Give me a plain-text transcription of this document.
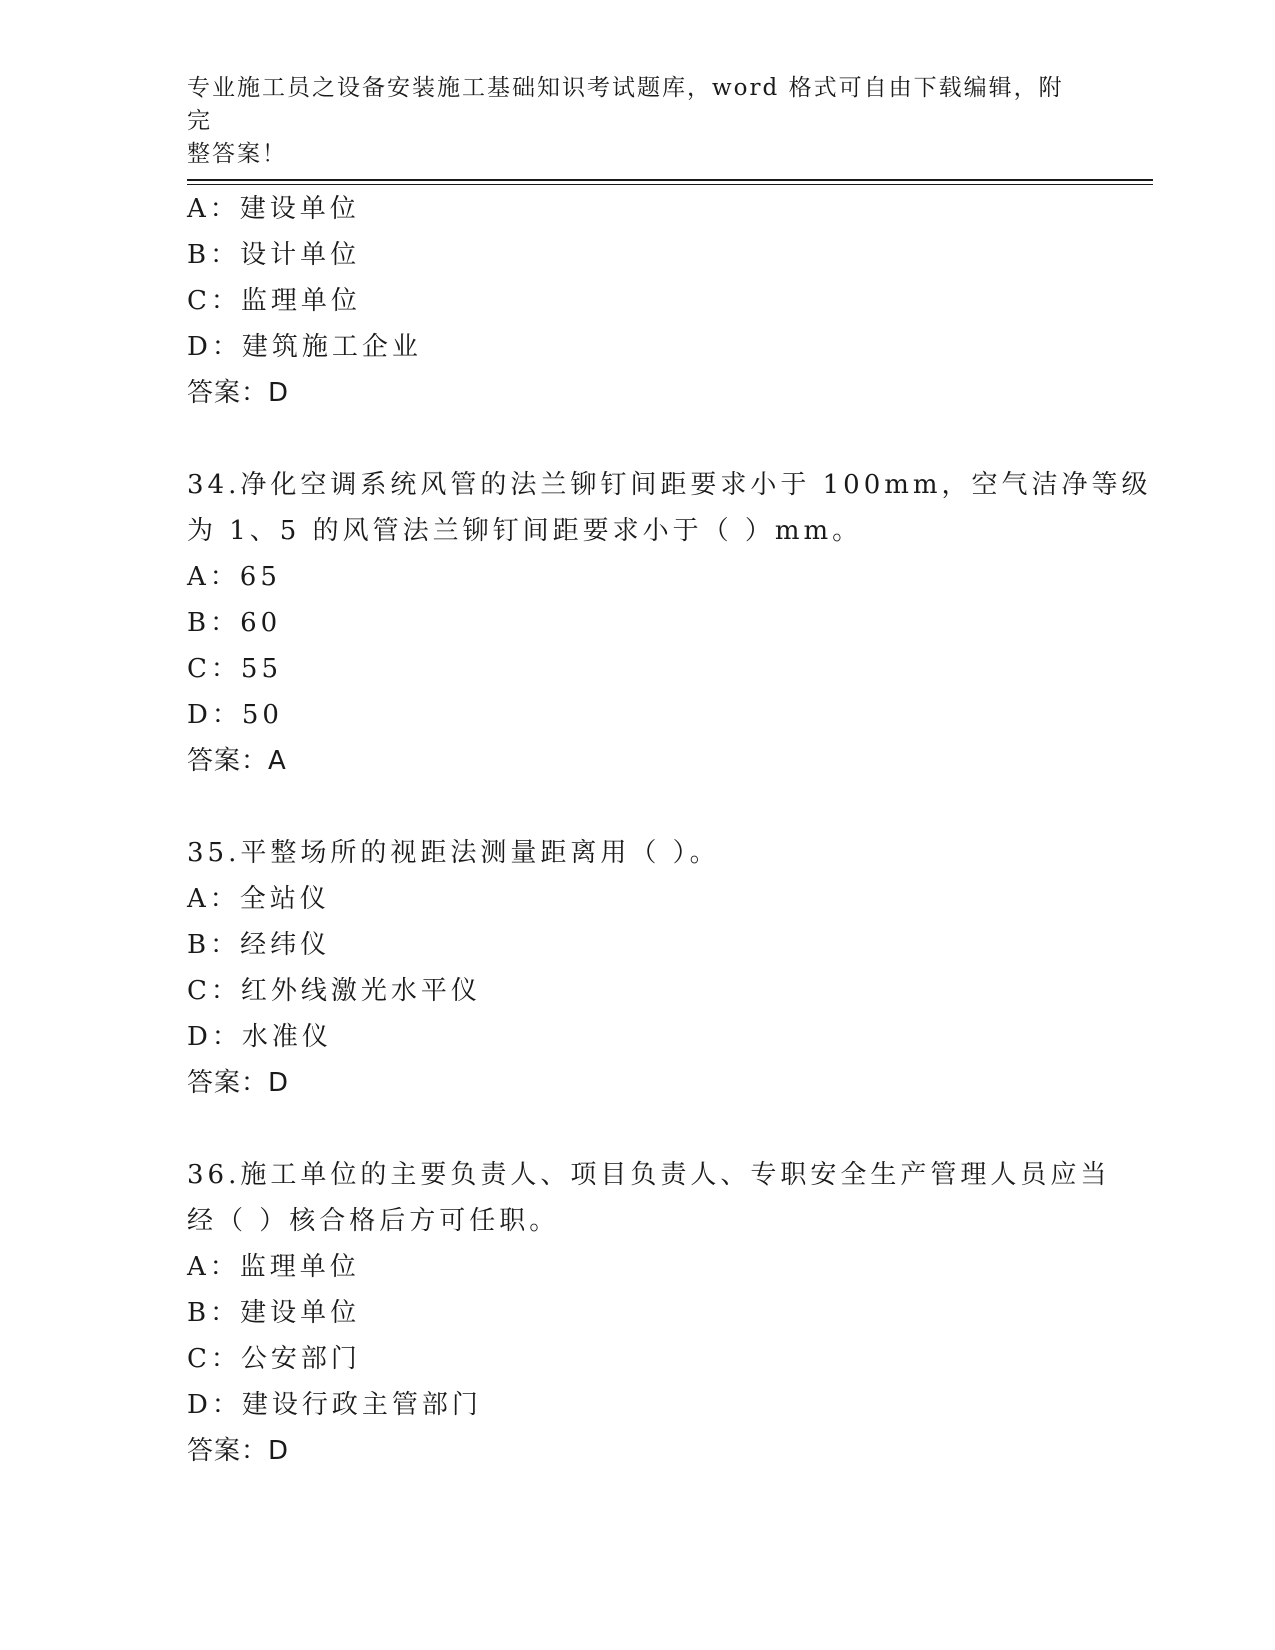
专业施工员之设备安装施工基础知识考试题库，word 格式可自由下载编辑，附完
整答案！
A：建设单位
B：设计单位
C：监理单位
D：建筑施工企业
答案：D
34.净化空调系统风管的法兰铆钉间距要求小于 100mm，空气洁净等级
为 1、5 的风管法兰铆钉间距要求小于（ ）mm。
A：65
B：60
C：55
D：50
答案：A
35.平整场所的视距法测量距离用（ ）。
A：全站仪
B：经纬仪
C：红外线激光水平仪
D：水准仪
答案：D
36.施工单位的主要负责人、项目负责人、专职安全生产管理人员应当
经（ ）核合格后方可任职。
A：监理单位
B：建设单位
C：公安部门
D：建设行政主管部门
答案：D
